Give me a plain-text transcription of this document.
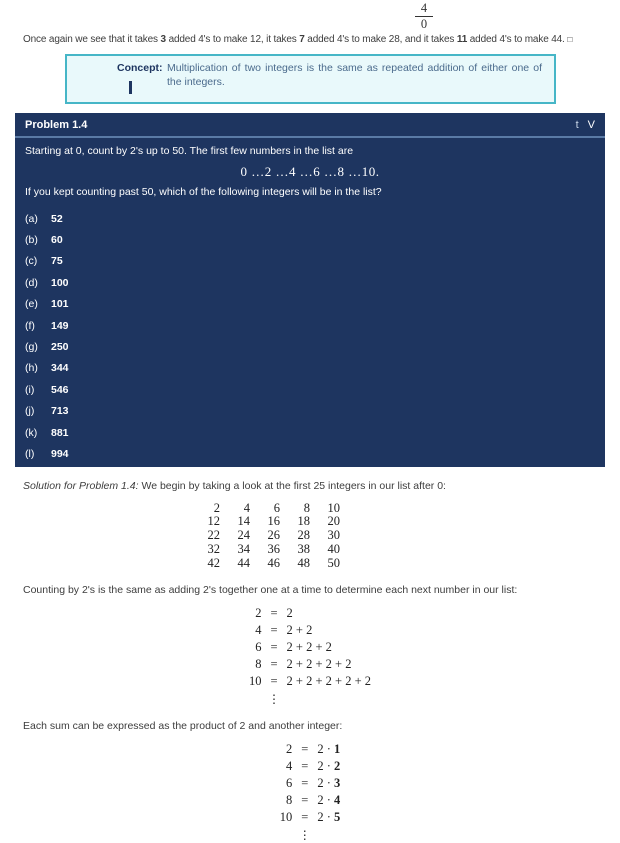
4
0

Once again we see that it takes 3 added 4's to make 12, it takes 7 added 4's to make 28, and it takes 11 added 4's to make 44. □

Concept: Multiplication of two integers is the same as repeated addition of either one of the integers.
Problem 1.4	t V

Starting at 0, count by 2's up to 50. The first few numbers in the list are

0 …2 …4 …6 …8 …10.

If you kept counting past 50, which of the following integers will be in the list?

(a)	52
(b)	60
(c)	75
(d)	100
(e)	101
(f)	149
(g)	250
(h)	344
(i)	546
(j)	713
(k)	881
(l)	994

Solution for Problem 1.4: We begin by taking a look at the first 25 integers in our list after 0:

2	4	6	8	10
12	14	16	18	20
22	24	26	28	30
32	34	36	38	40
42	44	46	48	50

Counting by 2's is the same as adding 2's together one at a time to determine each next number in our list:

2	=	2
4	=	2 + 2
6	=	2 + 2 + 2
8	=	2 + 2 + 2 + 2
10	=	2 + 2 + 2 + 2 + 2
	⋮	

Each sum can be expressed as the product of 2 and another integer:

2	=	2 · 1
4	=	2 · 2
6	=	2 · 3
8	=	2 · 4
10	=	2 · 5
	⋮	
